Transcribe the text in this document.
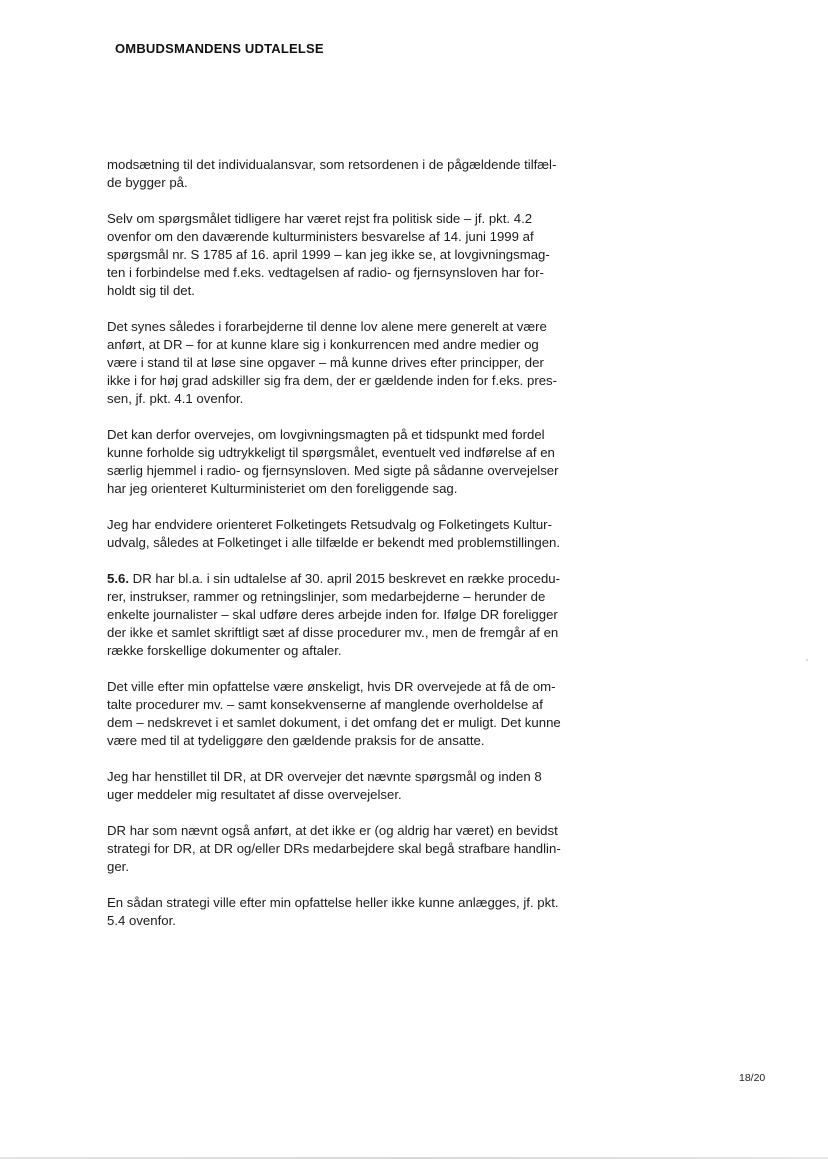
OMBUDSMANDENS UDTALELSE

modsætning til det individualansvar, som retsordenen i de pågældende tilfæl-
de bygger på.

Selv om spørgsmålet tidligere har været rejst fra politisk side – jf. pkt. 4.2
ovenfor om den daværende kulturministers besvarelse af 14. juni 1999 af
spørgsmål nr. S 1785 af 16. april 1999 – kan jeg ikke se, at lovgivningsmag-
ten i forbindelse med f.eks. vedtagelsen af radio- og fjernsynsloven har for-
holdt sig til det.

Det synes således i forarbejderne til denne lov alene mere generelt at være
anført, at DR – for at kunne klare sig i konkurrencen med andre medier og
være i stand til at løse sine opgaver – må kunne drives efter principper, der
ikke i for høj grad adskiller sig fra dem, der er gældende inden for f.eks. pres-
sen, jf. pkt. 4.1 ovenfor.

Det kan derfor overvejes, om lovgivningsmagten på et tidspunkt med fordel
kunne forholde sig udtrykkeligt til spørgsmålet, eventuelt ved indførelse af en
særlig hjemmel i radio- og fjernsynsloven. Med sigte på sådanne overvejelser
har jeg orienteret Kulturministeriet om den foreliggende sag.

Jeg har endvidere orienteret Folketingets Retsudvalg og Folketingets Kultur-
udvalg, således at Folketinget i alle tilfælde er bekendt med problemstillingen.

5.6. DR har bl.a. i sin udtalelse af 30. april 2015 beskrevet en række procedu-
rer, instrukser, rammer og retningslinjer, som medarbejderne – herunder de
enkelte journalister – skal udføre deres arbejde inden for. Ifølge DR foreligger
der ikke et samlet skriftligt sæt af disse procedurer mv., men de fremgår af en
række forskellige dokumenter og aftaler.

Det ville efter min opfattelse være ønskeligt, hvis DR overvejede at få de om-
talte procedurer mv. – samt konsekvenserne af manglende overholdelse af
dem – nedskrevet i et samlet dokument, i det omfang det er muligt. Det kunne
være med til at tydeliggøre den gældende praksis for de ansatte.

Jeg har henstillet til DR, at DR overvejer det nævnte spørgsmål og inden 8
uger meddeler mig resultatet af disse overvejelser.

DR har som nævnt også anført, at det ikke er (og aldrig har været) en bevidst
strategi for DR, at DR og/eller DRs medarbejdere skal begå strafbare handlin-
ger.

En sådan strategi ville efter min opfattelse heller ikke kunne anlægges, jf. pkt.
5.4 ovenfor.

18/20
